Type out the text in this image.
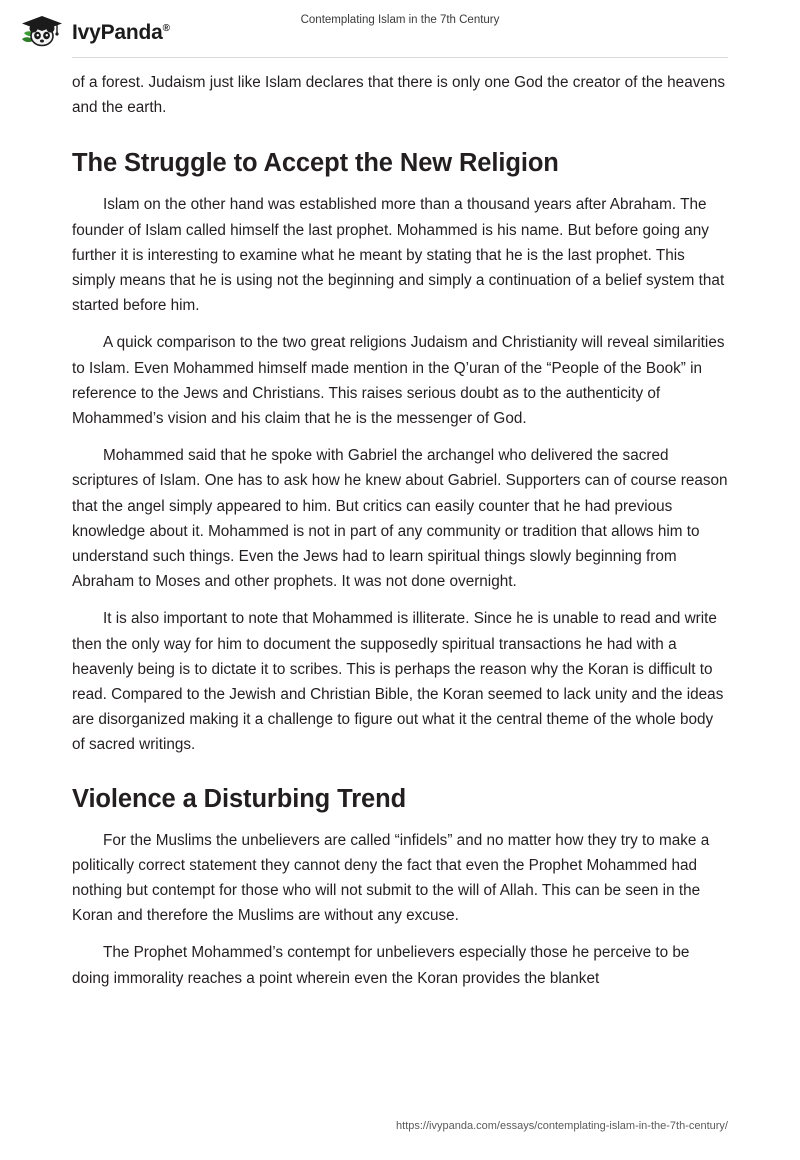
IvyPanda®
Contemplating Islam in the 7th Century

of a forest. Judaism just like Islam declares that there is only one God the creator of the heavens and the earth.

The Struggle to Accept the New Religion

Islam on the other hand was established more than a thousand years after Abraham. The founder of Islam called himself the last prophet. Mohammed is his name. But before going any further it is interesting to examine what he meant by stating that he is the last prophet. This simply means that he is using not the beginning and simply a continuation of a belief system that started before him.

A quick comparison to the two great religions Judaism and Christianity will reveal similarities to Islam. Even Mohammed himself made mention in the Q’uran of the “People of the Book” in reference to the Jews and Christians. This raises serious doubt as to the authenticity of Mohammed’s vision and his claim that he is the messenger of God.

Mohammed said that he spoke with Gabriel the archangel who delivered the sacred scriptures of Islam. One has to ask how he knew about Gabriel. Supporters can of course reason that the angel simply appeared to him. But critics can easily counter that he had previous knowledge about it. Mohammed is not in part of any community or tradition that allows him to understand such things. Even the Jews had to learn spiritual things slowly beginning from Abraham to Moses and other prophets. It was not done overnight.

It is also important to note that Mohammed is illiterate. Since he is unable to read and write then the only way for him to document the supposedly spiritual transactions he had with a heavenly being is to dictate it to scribes. This is perhaps the reason why the Koran is difficult to read. Compared to the Jewish and Christian Bible, the Koran seemed to lack unity and the ideas are disorganized making it a challenge to figure out what it the central theme of the whole body of sacred writings.

Violence a Disturbing Trend

For the Muslims the unbelievers are called “infidels” and no matter how they try to make a politically correct statement they cannot deny the fact that even the Prophet Mohammed had nothing but contempt for those who will not submit to the will of Allah. This can be seen in the Koran and therefore the Muslims are without any excuse.

The Prophet Mohammed’s contempt for unbelievers especially those he perceive to be doing immorality reaches a point wherein even the Koran provides the blanket

https://ivypanda.com/essays/contemplating-islam-in-the-7th-century/
